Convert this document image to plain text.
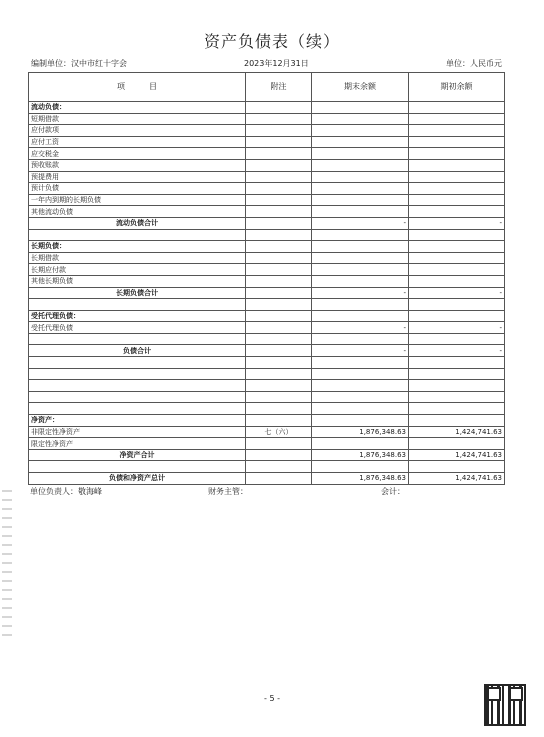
资产负债表（续）
编制单位：汉中市红十字会	2023年12月31日	单位：人民币元
项　　　目	附注	期末余额	期初余额
流动负债：			
短期借款			
应付款项			
应付工资			
应交税金			
预收账款			
预提费用			
预计负债			
一年内到期的长期负债			
其他流动负债			
流动负债合计		-	-

长期负债：			
长期借款			
长期应付款			
其他长期负债			
长期负债合计		-	-

受托代理负债：			
受托代理负债		-	-

负债合计		-	-

净资产：			
非限定性净资产	七（六）	1,876,348.63	1,424,741.63
限定性净资产			
净资产合计		1,876,348.63	1,424,741.63

负债和净资产总计		1,876,348.63	1,424,741.63
单位负责人：敬海峰	财务主管：	会计：
- 5 -
